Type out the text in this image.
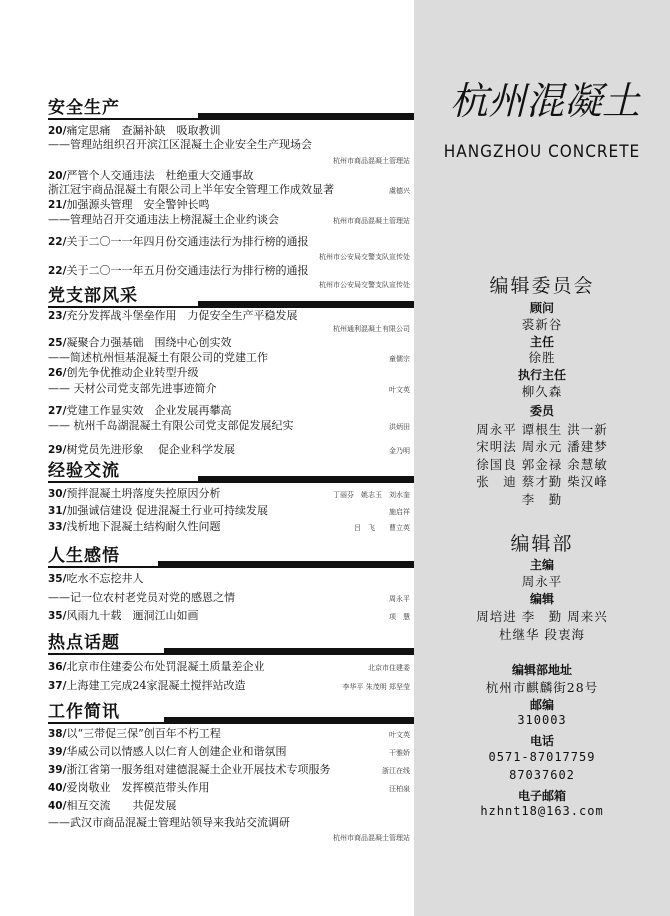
安全生产
20/痛定思痛　查漏补缺　吸取教训
——管理站组织召开滨江区混凝土企业安全生产现场会
杭州市商品混凝土管理站
20/严管个人交通违法　杜绝重大交通事故
浙江冠宇商品混凝土有限公司上半年安全管理工作成效显著	虞德兴
21/加强源头管理　安全警钟长鸣
——管理站召开交通违法上榜混凝土企业约谈会	杭州市商品混凝土管理站
22/关于二〇一一年四月份交通违法行为排行榜的通报
杭州市公安局交警支队宣传处
22/关于二〇一一年五月份交通违法行为排行榜的通报
杭州市公安局交警支队宣传处
党支部风采
23/充分发挥战斗堡垒作用　力促安全生产平稳发展
杭州通利混凝土有限公司
25/凝聚合力强基础　围绕中心创实效
——简述杭州恒基混凝土有限公司的党建工作	童儒宗
26/创先争优推动企业转型升级
—— 天材公司党支部先进事迹简介	叶文英
27/党建工作显实效　企业发展再攀高
—— 杭州千岛湖混凝土有限公司党支部促发展纪实	洪炳田
29/树党员先进形象　 促企业科学发展	金乃明
经验交流
30/预拌混凝土坍落度失控原因分析	丁丽芬　姚志玉　刘水奎
31/加强诚信建设 促进混凝土行业可持续发展	施启祥
33/浅析地下混凝土结构耐久性问题	吕　飞　　曹立英
人生感悟
35/吃水不忘挖井人
——记一位农村老党员对党的感恩之情	周永平
35/风雨九十载　逦洞江山如画	项　慧
热点话题
36/北京市住建委公布处罚混凝土质量差企业	北京市住建委
37/上海建工完成24家混凝土搅拌站改造	李华平 朱茂明 郑坚莹
工作简讯
38/以“三带促三保”创百年不朽工程	叶文英
39/华威公司以情感人以仁育人创建企业和谐氛围	干雅娇
39/浙江省第一服务组对建德混凝土企业开展技术专项服务	浙江在线
40/爱岗敬业　发挥模范带头作用	汪柏泉
40/相互交流　　共促发展
——武汉市商品混凝土管理站领导来我站交流调研
杭州市商品混凝土管理站
杭州混凝土
HANGZHOU CONCRETE
编辑委员会
顾问
裘新谷
主任
徐胜
执行主任
柳久森
委员
周永平 谭根生 洪一新
宋明法 周永元 潘建梦
徐国良 郭金禄 余慧敏
张　迪 蔡才勤 柴汉峰
李　勤
编辑部
主编
周永平
编辑
周培进 李　勤 周来兴
杜继华 段衷海
编辑部地址
杭州市麒麟街28号
邮编
310003
电话
0571-87017759
87037602
电子邮箱
hzhnt18@163.com
